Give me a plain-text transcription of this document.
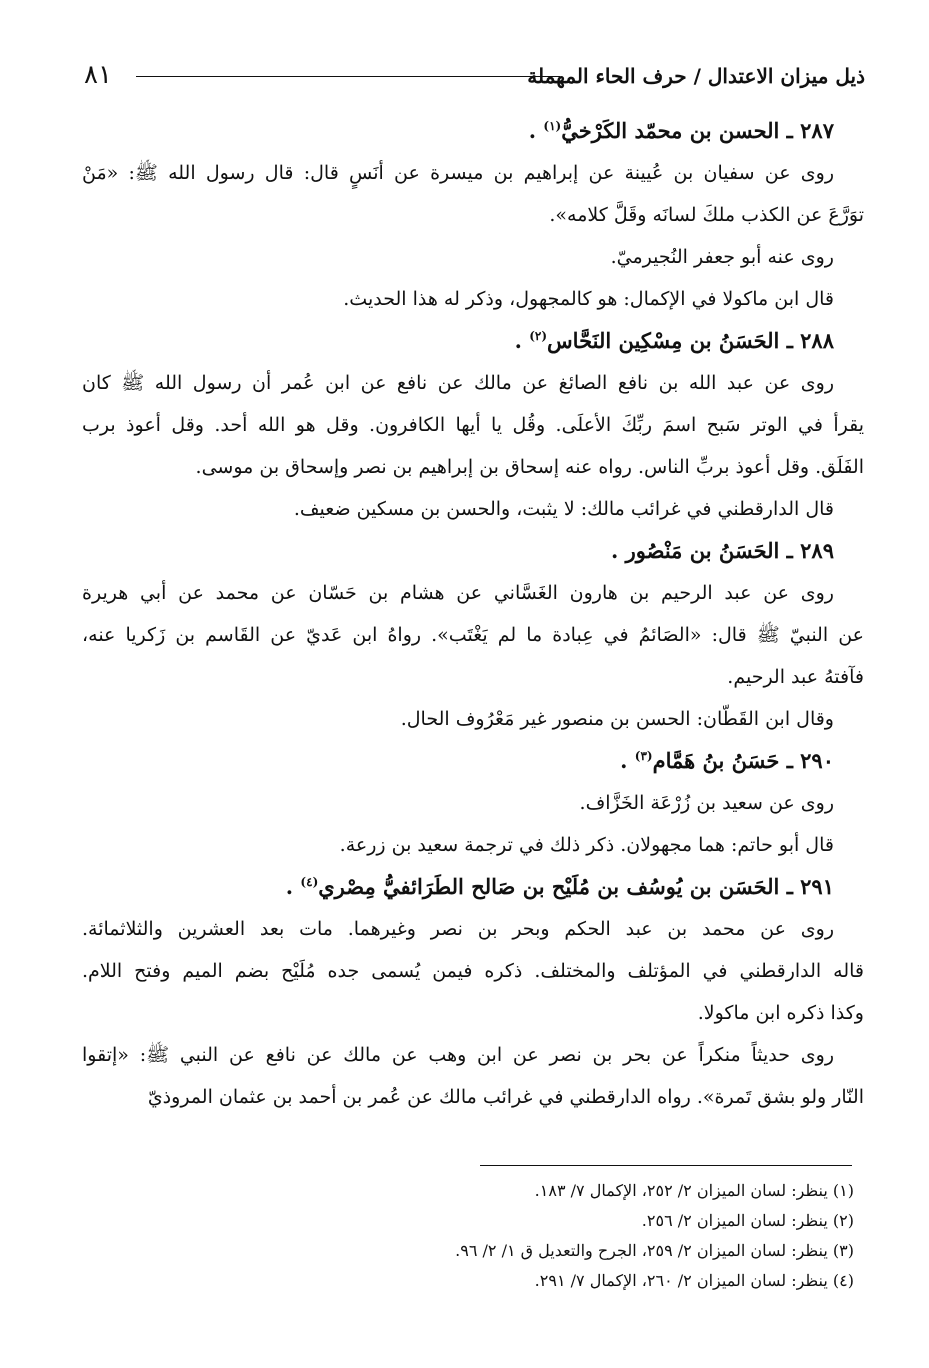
٨١	ذيل ميزان الاعتدال / حرف الحاء المهملة

٢٨٧ ـ الحسن بن محمّد الكَرْخيُّ$^{(١)}$ .

روى عن سفيان بن عُيينة عن إبراهيم بن ميسرة عن أنَسٍ قال: قال رسول الله ﷺ: «مَنْ

توَرَّعَ عن الكذب ملكَ لسانَه وقَلَّ كلامه».

روى عنه أبو جعفر النُجيرميّ.

قال ابن ماكولا في الإكمال: هو كالمجهول، وذكر له هذا الحديث.

٢٨٨ ـ الحَسَنُ بن مِسْكِين النَحَّاس$^{(٢)}$ .

روى عن عبد الله بن نافع الصائغ عن مالك عن نافع عن ابن عُمر أن رسول الله ﷺ كان

يقرأ في الوتر سَبح اسمَ ربِّكَ الأعلَى. وقُل يا أيها الكافرون. وقل هو الله أحد. وقل أعوذ برب

الفَلَق. وقل أعوذ بربِّ الناس. رواه عنه إسحاق بن إبراهيم بن نصر وإسحاق بن موسى.

قال الدارقطني في غرائب مالك: لا يثبت، والحسن بن مسكين ضعيف.

٢٨٩ ـ الحَسَنُ بن مَنْصُور .

روى عن عبد الرحيم بن هارون الغَسَّاني عن هشام بن حَسّان عن محمد عن أبي هريرة

عن النبيّ ﷺ قال: «الصَائمُ في عِبادة ما لم يَغْتَب». رواهُ ابن عَديّ عن القَاسم بن زَكريا عنه،

فآفتهُ عبد الرحيم.

وقال ابن القَطّان: الحسن بن منصور غير مَعْرُوف الحال.

٢٩٠ ـ حَسَنُ بنُ هَمَّام$^{(٣)}$ .

روى عن سعيد بن زُرْعَة الخَزَّاف.

قال أبو حاتم: هما مجهولان. ذكر ذلك في ترجمة سعيد بن زرعة.

٢٩١ ـ الحَسَن بن يُوسُف بن مُلَيْح بن صَالح الطَرَائفيُّ مِصْري$^{(٤)}$ .

روى عن محمد بن عبد الحكم وبحر بن نصر وغيرهما. مات بعد العشرين والثلاثمائة.

قاله الدارقطني في المؤتلف والمختلف. ذكره فيمن يُسمى جده مُلَيْح بضم الميم وفتح اللام.

وكذا ذكره ابن ماكولا.

روى حديثاً منكراً عن بحر بن نصر عن ابن وهب عن مالك عن نافع عن النبي ﷺ: «إتقوا

النّار ولو بشق تَمرة». رواه الدارقطني في غرائب مالك عن عُمر بن أحمد بن عثمان المروذيّ

(١) ينظر: لسان الميزان ٢/ ٢٥٢، الإكمال ٧/ ١٨٣.

(٢) ينظر: لسان الميزان ٢/ ٢٥٦.

(٣) ينظر: لسان الميزان ٢/ ٢٥٩، الجرح والتعديل ق ١/ ٢/ ٩٦.

(٤) ينظر: لسان الميزان ٢/ ٢٦٠، الإكمال ٧/ ٢٩١.
